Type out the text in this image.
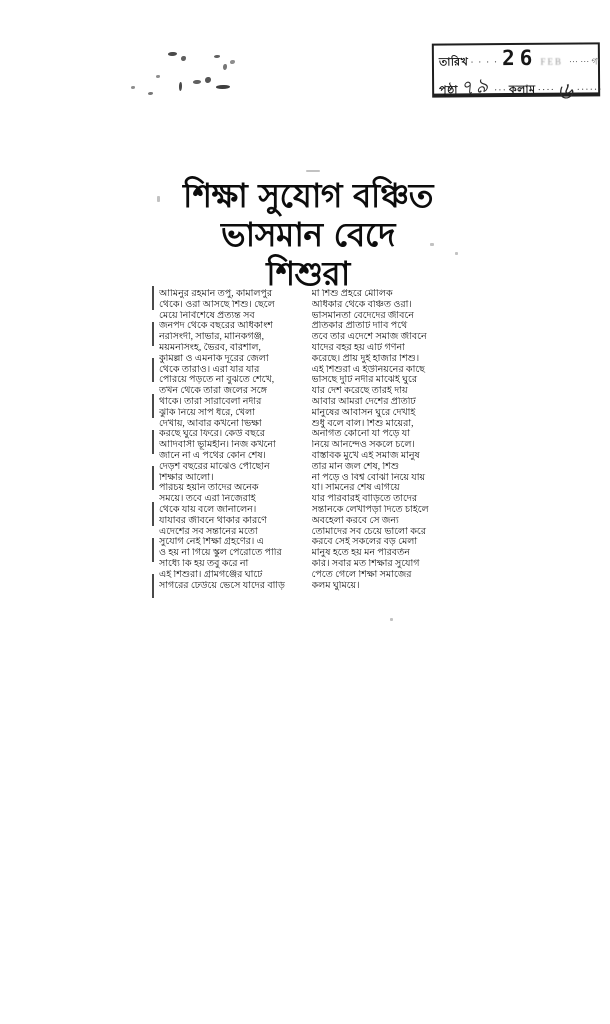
তারিখ · · · · 26 FEB ··· ··· গ'
পৃষ্ঠা ৭৯ ··· কলাম ···· ৬ ······
শিক্ষা সুযোগ বঞ্চিত
ভাসমান বেদে
শিশুরা
আমিনুর রহমান তপু, কামালপুর
থেকে। ওরা আসছে শিশু। ছেলে
মেয়ে নির্বিশেষে প্রত্যন্ত সব
জনপদ থেকে বছরের অধিকাংশ
নরসিংদী, সাভার, মানিকগঞ্জ,
ময়মনসিংহ, ভৈরব, বরিশাল,
কুমিল্লা ও এমনকি দূরের জেলা
থেকে তারাও। এরা যার যার
পেরিয়ে পড়তে না বুঝতে শেখে,
তখন থেকে তারা জলের সঙ্গে
থাকে। তারা সারাবেলা নদীর
ঝুঁকি নিয়ে সাপ ধরে, খেলা
দেখায়, আবার কখনো ভিক্ষা
করছে ঘুরে ফিরে। কেউ বছরে
আদিবাসী ভূমিহীন। নিজ কখনো
জানে না এ পথের কোন শেষ।
দেড়শ বছরের মাঝেও পৌঁছেনি
শিক্ষার আলো।
পরিচয় হয়নি তাদের অনেক
সময়ে। তবে এরা নিজেরাই
থেকে যায় বলে জানালেন।
যাযাবর জীবনে থাকার কারণে
এদেশের সব সন্তানের মতো
সুযোগ নেই শিক্ষা গ্রহণের। এ
ও হয় না গিয়ে স্কুল পেরোতে পারি
সাধ্যে কি হয় তবু করে না
এই শিশুরা। গ্রামগঞ্জের ঘাটে
সাগরের ঢেউয়ে ভেসে যাদের বাড়ি
মা শিশু প্রহরে মৌলিক
অধিকার থেকে বঞ্চিত ওরা।
ভাসমানতা বেদেদের জীবনে
প্রতিকার প্রতিটি দাবি পথে
তবে তার এদেশে সমাজ জীবনে
যাদের বহর হয় এটি গণনা
করেছে। প্রায় দুই হাজার শিশু।
এই শিশুরা এ ইউনিয়নের কাছে
ভাসছে দুটি নদীর মাঝেই ঘুরে
যার দেশ করেছে তারই দায়
আবার আমরা দেশের প্রতিটি
মানুষের আবাসন ঘুরে দেখাই
শুধু বলে বলি। শিশু মায়েরা,
অনাগত কোনো যা পড়ে যা
নিয়ে আনন্দেও সকলে চলে।
বাস্তবিক মুখে এই সমাজ মানুষ
তার মান জল শেষ, শিশু
না পড়ে ও বিশ্ব বোঝা নিয়ে যায়
যা। সামনের শেষ এগিয়ে
যার পরিবারই বাড়িতে তাদের
সন্তানকে লেখাপড়া দিতে চাইলে
অবহেলা করবে সে জন্য
তোমাদের সব চেয়ে ভালো করে
করবে সেই সকলের বড় মেলা
মানুষ হতে হয় মন পরিবর্তন
করি। সবার মত শিক্ষার সুযোগ
পেতে গেলে শিক্ষা সমাজের
কলম ঘুমিয়ে।
